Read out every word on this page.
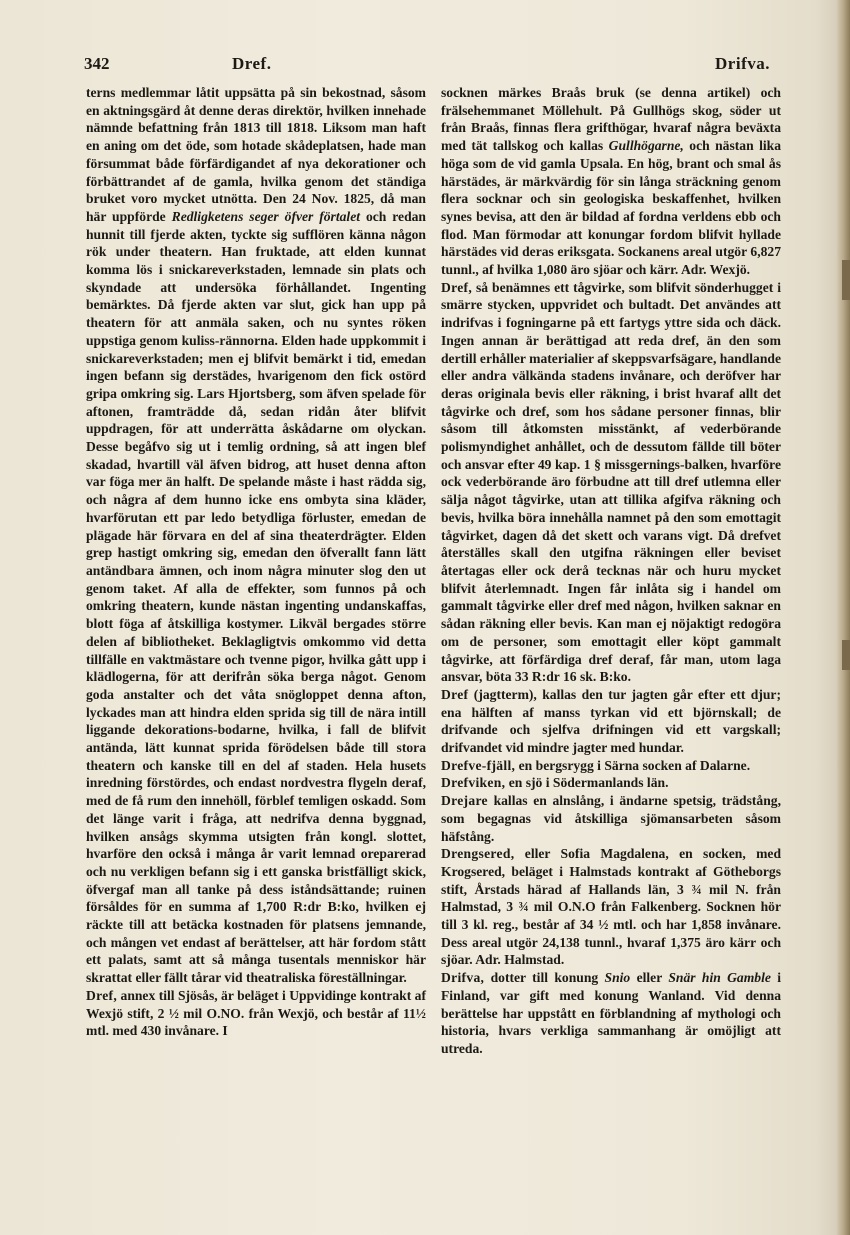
342	Dref.	Drifva.

terns medlemmar låtit uppsätta på sin bekostnad, såsom en aktningsgärd åt denne deras direktör, hvilken innehade nämnde befattning från 1813 till 1818. Liksom man haft en aning om det öde, som hotade skådeplatsen, hade man försummat både förfärdigandet af nya dekorationer och förbättrandet af de gamla, hvilka genom det ständiga bruket voro mycket utnötta. Den 24 Nov. 1825, då man här uppförde Redligketens seger öfver förtalet och redan hunnit till fjerde akten, tyckte sig sufflören känna någon rök under theatern. Han fruktade, att elden kunnat komma lös i snickareverkstaden, lemnade sin plats och skyndade att undersöka förhållandet. Ingenting bemärktes. Då fjerde akten var slut, gick han upp på theatern för att anmäla saken, och nu syntes röken uppstiga genom kuliss-rännorna. Elden hade uppkommit i snickareverkstaden; men ej blifvit bemärkt i tid, emedan ingen befann sig derstädes, hvarigenom den fick ostörd gripa omkring sig. Lars Hjortsberg, som äfven spelade för aftonen, framträdde då, sedan ridån åter blifvit uppdragen, för att underrätta åskådarne om olyckan. Desse begåfvo sig ut i temlig ordning, så att ingen blef skadad, hvartill väl äfven bidrog, att huset denna afton var föga mer än halft. De spelande måste i hast rädda sig, och några af dem hunno icke ens ombyta sina kläder, hvarförutan ett par ledo betydliga förluster, emedan de plägade här förvara en del af sina theaterdrägter. Elden grep hastigt omkring sig, emedan den öfverallt fann lätt antändbara ämnen, och inom några minuter slog den ut genom taket. Af alla de effekter, som funnos på och omkring theatern, kunde nästan ingenting undanskaffas, blott föga af åtskilliga kostymer. Likväl bergades större delen af bibliotheket. Beklagligtvis omkommo vid detta tillfälle en vaktmästare och tvenne pigor, hvilka gått upp i klädlogerna, för att derifrån söka berga något. Genom goda anstalter och det våta snögloppet denna afton, lyckades man att hindra elden sprida sig till de nära intill liggande dekorations-bodarne, hvilka, i fall de blifvit antända, lätt kunnat sprida förödelsen både till stora theatern och kanske till en del af staden. Hela husets inredning förstördes, och endast nordvestra flygeln deraf, med de få rum den innehöll, förblef temligen oskadd. Som det länge varit i fråga, att nedrifva denna byggnad, hvilken ansågs skymma utsigten från kongl. slottet, hvarföre den också i många år varit lemnad oreparerad och nu verkligen befann sig i ett ganska bristfälligt skick, öfvergaf man all tanke på dess iståndsättande; ruinen försåldes för en summa af 1,700 R:dr B:ko, hvilken ej räckte till att betäcka kostnaden för platsens jemnande, och mången vet endast af berättelser, att här fordom stått ett palats, samt att så många tusentals menniskor här skrattat eller fällt tårar vid theatraliska föreställningar.

Dref, annex till Sjösås, är beläget i Uppvidinge kontrakt af Wexjö stift, 2 ½ mil O.NO. från Wexjö, och består af 11½ mtl. med 430 invånare. I

socknen märkes Braås bruk (se denna artikel) och frälsehemmanet Möllehult. På Gullhögs skog, söder ut från Braås, finnas flera grifthögar, hvaraf några beväxta med tät tallskog och kallas Gullhögarne, och nästan lika höga som de vid gamla Upsala. En hög, brant och smal ås härstädes, är märkvärdig för sin långa sträckning genom flera socknar och sin geologiska beskaffenhet, hvilken synes bevisa, att den är bildad af fordna verldens ebb och flod. Man förmodar att konungar fordom blifvit hyllade härstädes vid deras eriksgata. Sockanens areal utgör 6,827 tunnl., af hvilka 1,080 äro sjöar och kärr. Adr. Wexjö.

Dref, så benämnes ett tågvirke, som blifvit sönderhugget i smärre stycken, uppvridet och bultadt. Det användes att indrifvas i fogningarne på ett fartygs yttre sida och däck. Ingen annan är berättigad att reda dref, än den som dertill erhåller materialier af skeppsvarfsägare, handlande eller andra välkända stadens invånare, och deröfver har deras originala bevis eller räkning, i brist hvaraf allt det tågvirke och dref, som hos sådane personer finnas, blir såsom till åtkomsten misstänkt, af vederbörande polismyndighet anhållet, och de dessutom fällde till böter och ansvar efter 49 kap. 1 § missgernings-balken, hvarföre ock vederbörande äro förbudne att till dref utlemna eller sälja något tågvirke, utan att tillika afgifva räkning och bevis, hvilka böra innehålla namnet på den som emottagit tågvirket, dagen då det skett och varans vigt. Då drefvet återställes skall den utgifna räkningen eller beviset återtagas eller ock derå tecknas när och huru mycket blifvit återlemnadt. Ingen får inlåta sig i handel om gammalt tågvirke eller dref med någon, hvilken saknar en sådan räkning eller bevis. Kan man ej nöjaktigt redogöra om de personer, som emottagit eller köpt gammalt tågvirke, att förfärdiga dref deraf, får man, utom laga ansvar, böta 33 R:dr 16 sk. B:ko.

Dref (jagtterm), kallas den tur jagten går efter ett djur; ena hälften af manss tyrkan vid ett björnskall; de drifvande och sjelfva drifningen vid ett vargskall; drifvandet vid mindre jagter med hundar.

Drefve-fjäll, en bergsrygg i Särna socken af Dalarne.

Drefviken, en sjö i Södermanlands län.

Drejare kallas en alnslång, i ändarne spetsig, trädstång, som begagnas vid åtskilliga sjömansarbeten såsom häfstång.

Drengsered, eller Sofia Magdalena, en socken, med Krogsered, beläget i Halmstads kontrakt af Götheborgs stift, Årstads härad af Hallands län, 3 ¾ mil N. från Halmstad, 3 ¾ mil O.N.O från Falkenberg. Socknen hör till 3 kl. reg., består af 34 ½ mtl. och har 1,858 invånare. Dess areal utgör 24,138 tunnl., hvaraf 1,375 äro kärr och sjöar. Adr. Halmstad.

Drifva, dotter till konung Snio eller Snär hin Gamble i Finland, var gift med konung Wanland. Vid denna berättelse har uppstått en förblandning af mythologi och historia, hvars verkliga sammanhang är omöjligt att utreda.
